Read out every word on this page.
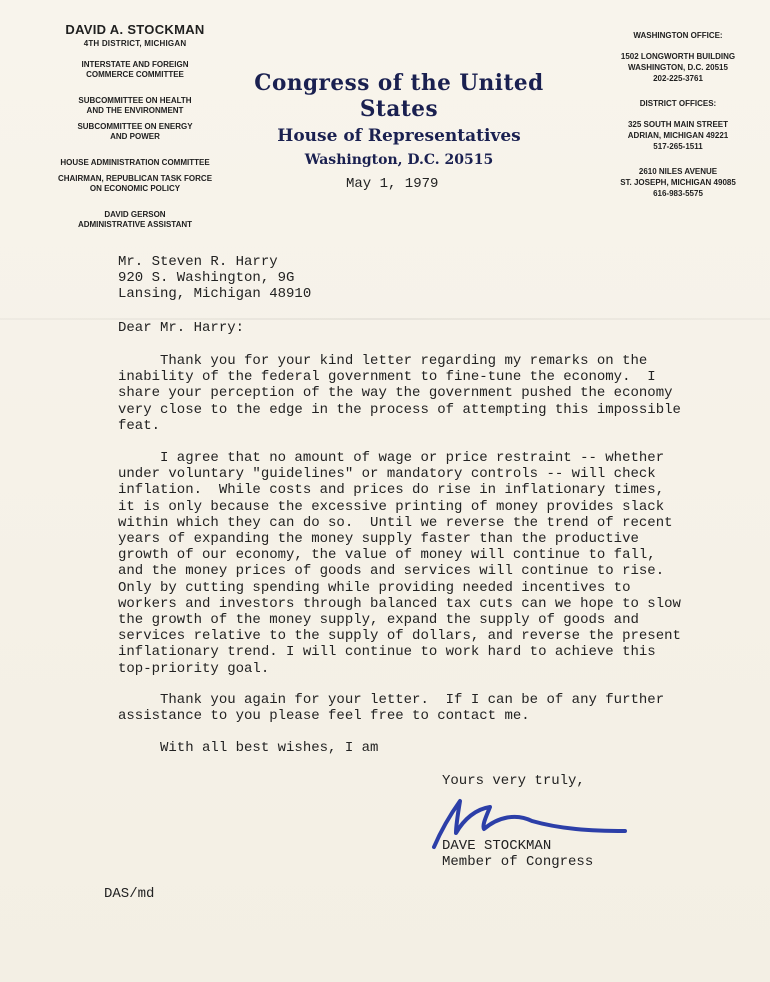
DAVID A. STOCKMAN
4TH DISTRICT, MICHIGAN
INTERSTATE AND FOREIGN
COMMERCE COMMITTEE
SUBCOMMITTEE ON HEALTH
AND THE ENVIRONMENT
SUBCOMMITTEE ON ENERGY
AND POWER
HOUSE ADMINISTRATION COMMITTEE
CHAIRMAN, REPUBLICAN TASK FORCE
ON ECONOMIC POLICY
DAVID GERSON
ADMINISTRATIVE ASSISTANT
Congress of the United States
House of Representatives
Washington, D.C. 20515
WASHINGTON OFFICE:
1502 LONGWORTH BUILDING
WASHINGTON, D.C. 20515
202-225-3761
DISTRICT OFFICES:
325 SOUTH MAIN STREET
ADRIAN, MICHIGAN 49221
517-265-1511
2610 NILES AVENUE
ST. JOSEPH, MICHIGAN 49085
616-983-5575
May 1, 1979
Mr. Steven R. Harry
920 S. Washington, 9G
Lansing, Michigan 48910
Dear Mr. Harry:

Thank you for your kind letter regarding my remarks on the

inability of the federal government to fine-tune the economy.  I

share your perception of the way the government pushed the economy

very close to the edge in the process of attempting this impossible

feat.

I agree that no amount of wage or price restraint -- whether

under voluntary "guidelines" or mandatory controls -- will check

inflation.  While costs and prices do rise in inflationary times,

it is only because the excessive printing of money provides slack

within which they can do so.  Until we reverse the trend of recent

years of expanding the money supply faster than the productive

growth of our economy, the value of money will continue to fall,

and the money prices of goods and services will continue to rise.

Only by cutting spending while providing needed incentives to

workers and investors through balanced tax cuts can we hope to slow

the growth of the money supply, expand the supply of goods and

services relative to the supply of dollars, and reverse the present

inflationary trend. I will continue to work hard to achieve this

top-priority goal.

Thank you again for your letter.  If I can be of any further

assistance to you please feel free to contact me.

With all best wishes, I am

Yours very truly,
DAVE STOCKMAN
Member of Congress
DAS/md
